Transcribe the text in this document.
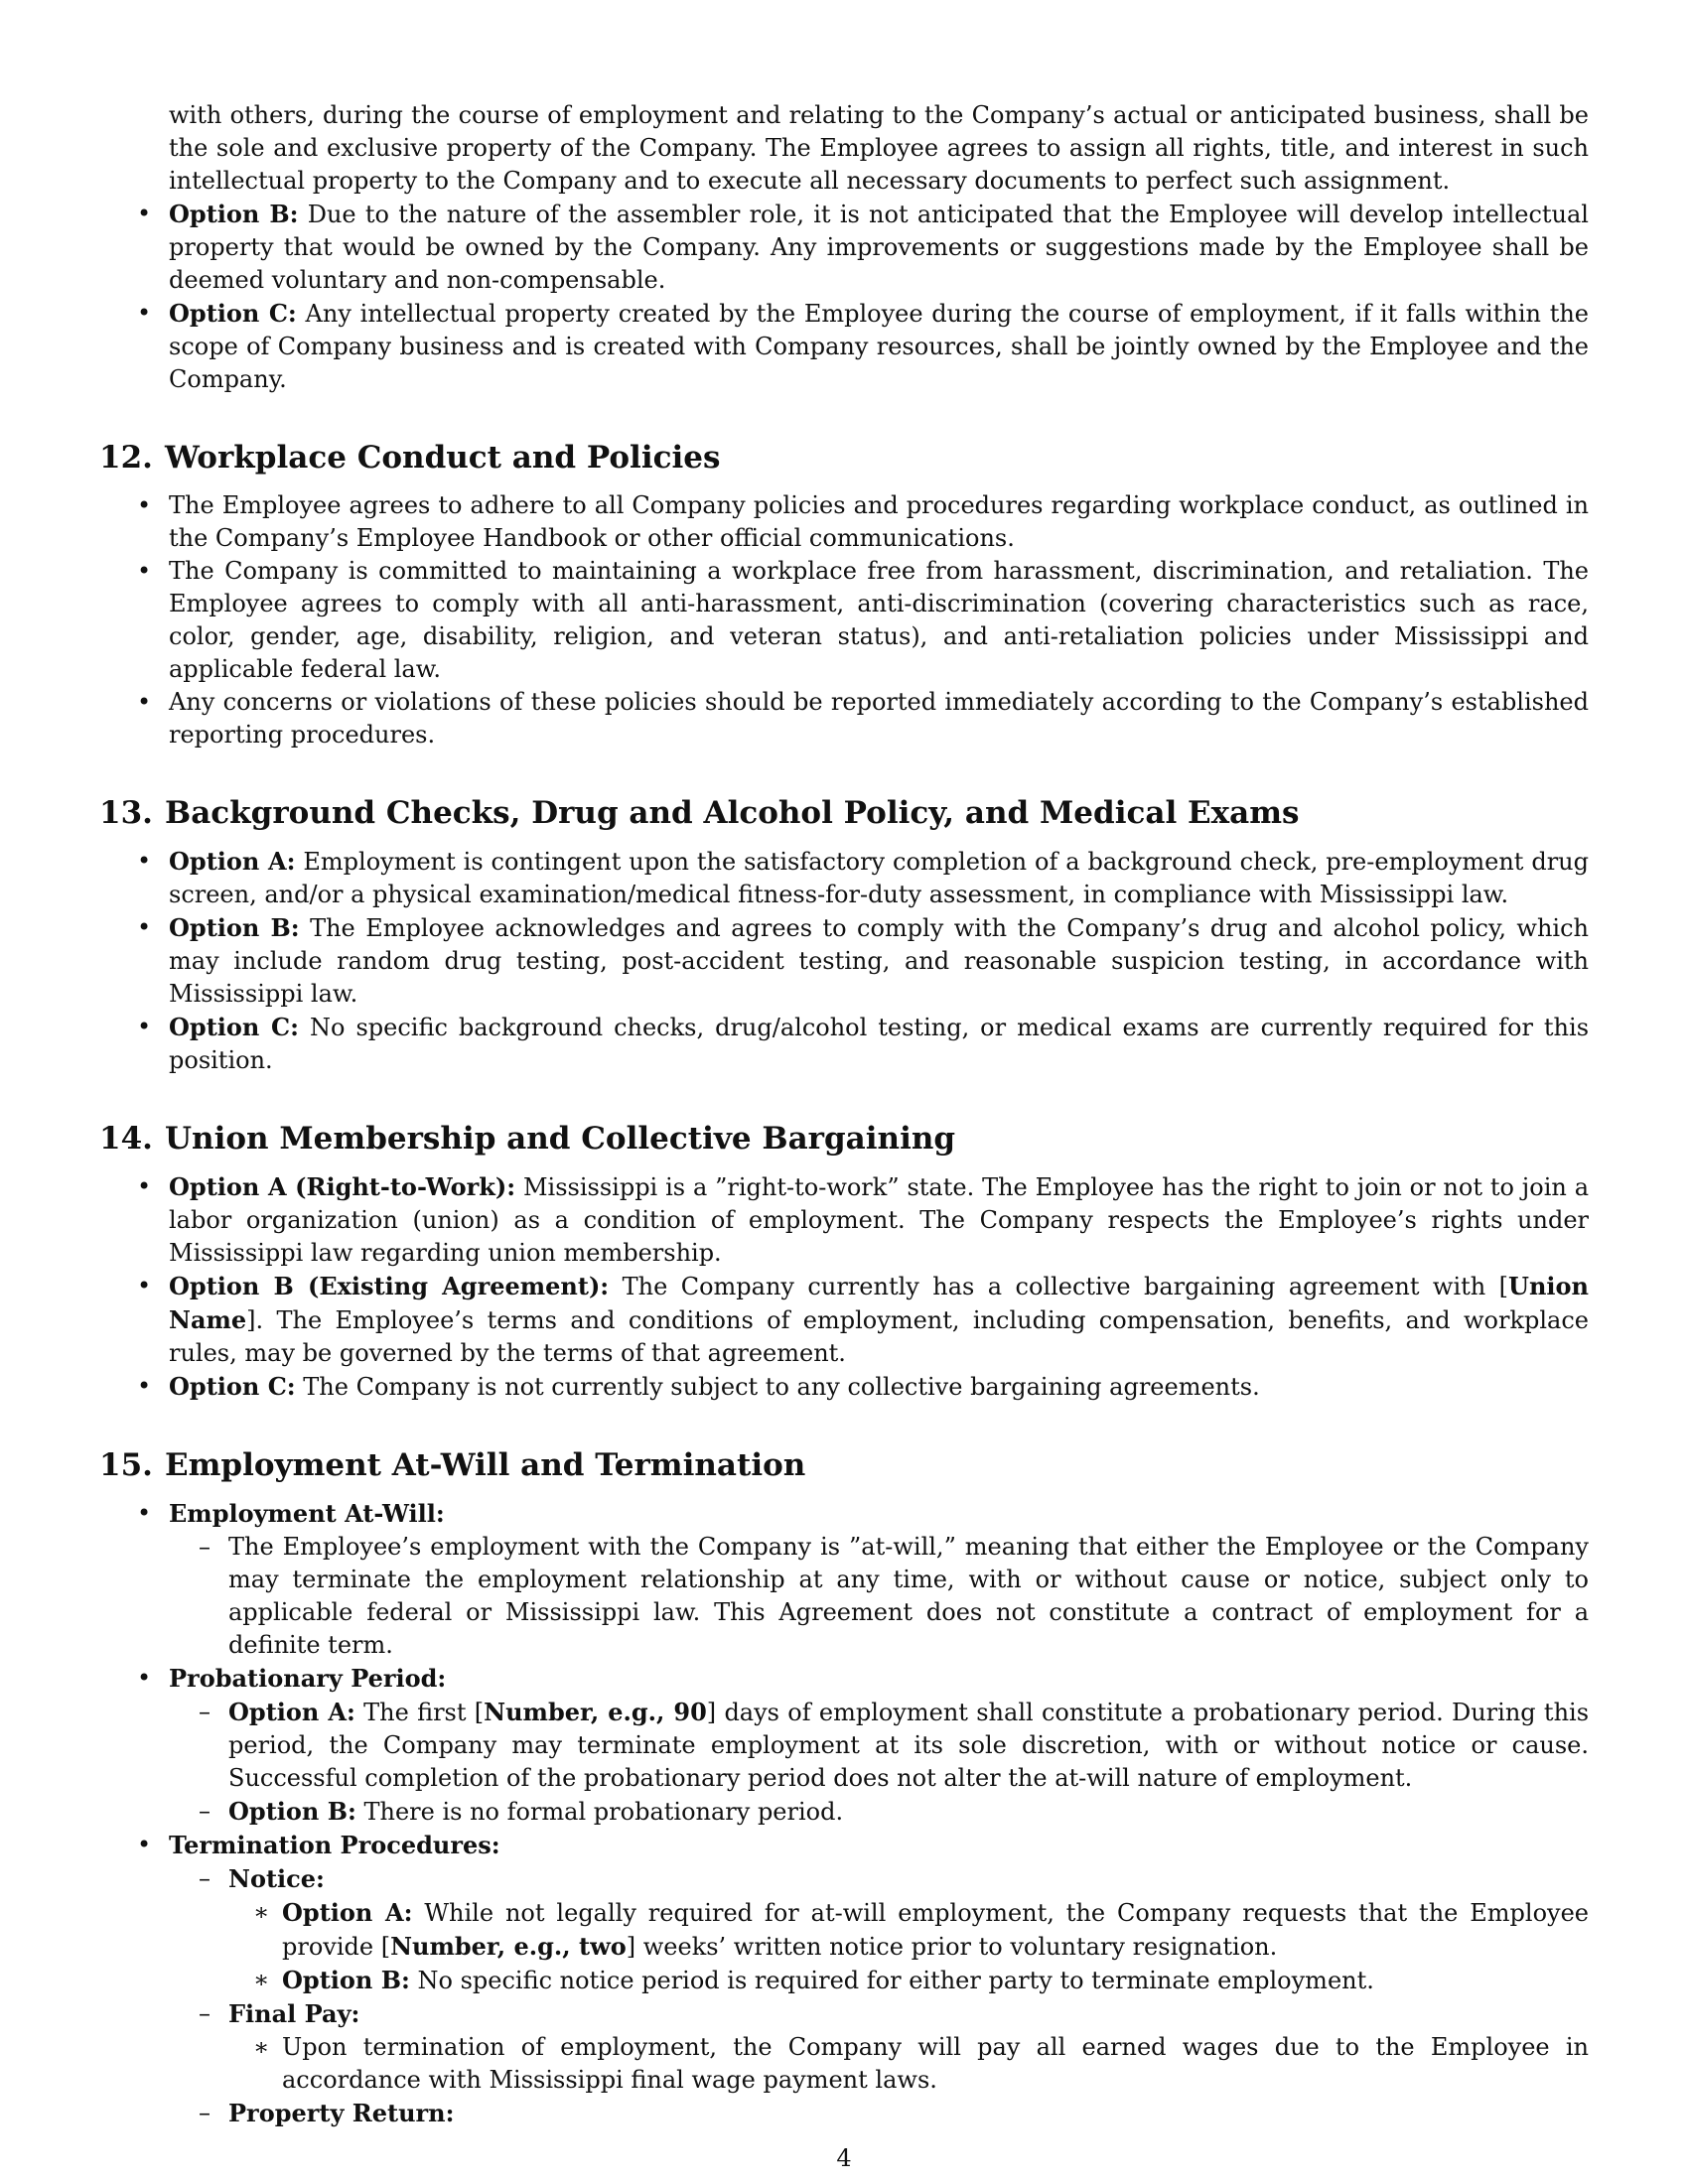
with others, during the course of employment and relating to the Company’s actual or anticipated business, shall be the sole and exclusive property of the Company. The Employee agrees to assign all rights, title, and interest in such intellectual property to the Company and to execute all necessary documents to perfect such assignment.
• Option B: Due to the nature of the assembler role, it is not anticipated that the Employee will develop intellectual property that would be owned by the Company. Any improvements or suggestions made by the Employee shall be deemed voluntary and non-compensable.
• Option C: Any intellectual property created by the Employee during the course of employment, if it falls within the scope of Company business and is created with Company resources, shall be jointly owned by the Employee and the Company.
12. Workplace Conduct and Policies
• The Employee agrees to adhere to all Company policies and procedures regarding workplace conduct, as outlined in the Company’s Employee Handbook or other official communications.
• The Company is committed to maintaining a workplace free from harassment, discrimination, and retaliation. The Employee agrees to comply with all anti-harassment, anti-discrimination (covering characteristics such as race, color, gender, age, disability, religion, and veteran status), and anti-retaliation policies under Mississippi and applicable federal law.
• Any concerns or violations of these policies should be reported immediately according to the Company’s established reporting procedures.
13. Background Checks, Drug and Alcohol Policy, and Medical Exams
• Option A: Employment is contingent upon the satisfactory completion of a background check, pre-employment drug screen, and/or a physical examination/medical fitness-for-duty assessment, in compliance with Mississippi law.
• Option B: The Employee acknowledges and agrees to comply with the Company’s drug and alcohol policy, which may include random drug testing, post-accident testing, and reasonable suspicion testing, in accordance with Mississippi law.
• Option C: No specific background checks, drug/alcohol testing, or medical exams are currently required for this position.
14. Union Membership and Collective Bargaining
• Option A (Right-to-Work): Mississippi is a ”right-to-work” state. The Employee has the right to join or not to join a labor organization (union) as a condition of employment. The Company respects the Employee’s rights under Mississippi law regarding union membership.
• Option B (Existing Agreement): The Company currently has a collective bargaining agreement with [Union Name]. The Employee’s terms and conditions of employment, including compensation, benefits, and workplace rules, may be governed by the terms of that agreement.
• Option C: The Company is not currently subject to any collective bargaining agreements.
15. Employment At-Will and Termination
• Employment At-Will:
– The Employee’s employment with the Company is ”at-will,” meaning that either the Employee or the Company may terminate the employment relationship at any time, with or without cause or notice, subject only to applicable federal or Mississippi law. This Agreement does not constitute a contract of employment for a definite term.
• Probationary Period:
– Option A: The first [Number, e.g., 90] days of employment shall constitute a probationary period. During this period, the Company may terminate employment at its sole discretion, with or without notice or cause. Successful completion of the probationary period does not alter the at-will nature of employment.
– Option B: There is no formal probationary period.
• Termination Procedures:
– Notice:
∗ Option A: While not legally required for at-will employment, the Company requests that the Employee provide [Number, e.g., two] weeks’ written notice prior to voluntary resignation.
∗ Option B: No specific notice period is required for either party to terminate employment.
– Final Pay:
∗ Upon termination of employment, the Company will pay all earned wages due to the Employee in accordance with Mississippi final wage payment laws.
– Property Return:
4
